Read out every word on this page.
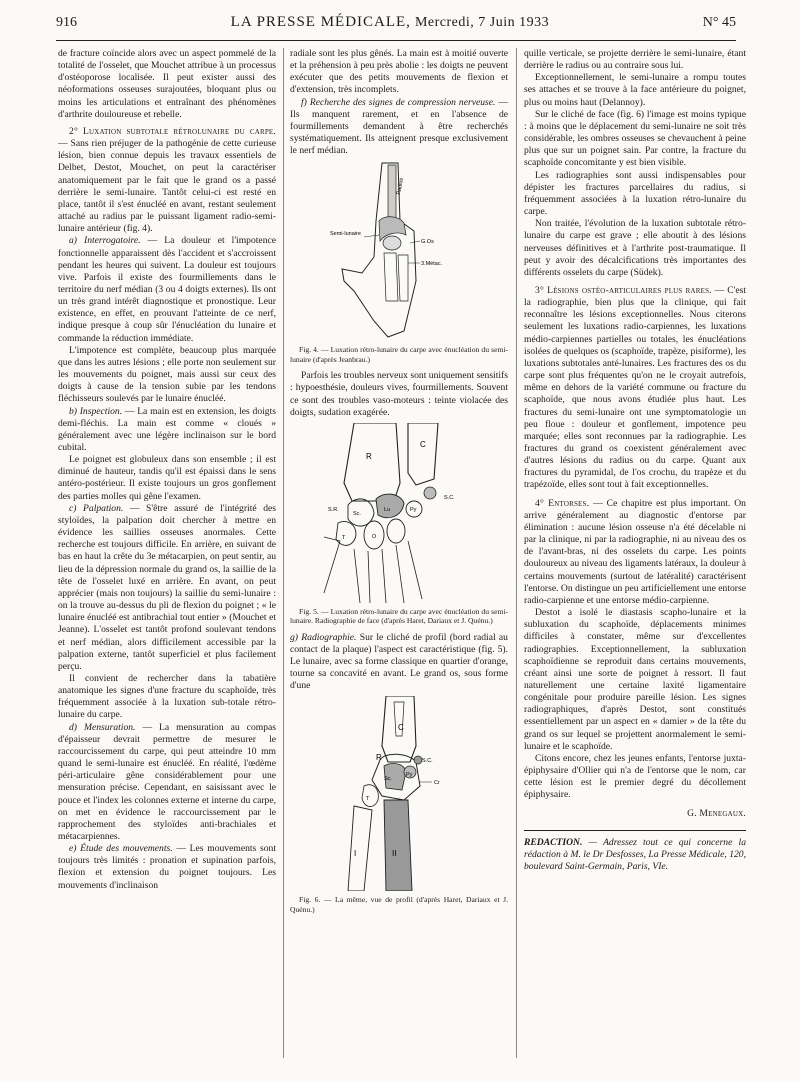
916	LA PRESSE MÉDICALE, Mercredi, 7 Juin 1933	N° 45

de fracture coïncide alors avec un aspect pommelé de la totalité de l'osselet, que Mouchet attribue à un processus d'ostéoporose localisée. Il peut exister aussi des néoformations osseuses surajoutées, bloquant plus ou moins les articulations et entraînant des phénomènes d'arthrite douloureuse et rebelle.

2° Luxation subtotale rétrolunaire du carpe. — Sans rien préjuger de la pathogénie de cette curieuse lésion, bien connue depuis les travaux essentiels de Delbet, Destot, Mouchet, on peut la caractériser anatomiquement par le fait que le grand os a passé derrière le semi-lunaire. Tantôt celui-ci est resté en place, tantôt il s'est énucléé en avant, restant seulement attaché au radius par le puissant ligament radio-semi-lunaire antérieur (fig. 4).

a) Interrogatoire. — La douleur et l'impotence fonctionnelle apparaissent dès l'accident et s'accroissent pendant les heures qui suivent. La douleur est toujours vive. Parfois il existe des fourmillements dans le territoire du nerf médian (3 ou 4 doigts externes). Ils ont un très grand intérêt diagnostique et pronostique. Leur existence, en effet, en prouvant l'atteinte de ce nerf, indique presque à coup sûr l'énucléation du lunaire et commande la réduction immédiate.

L'impotence est complète, beaucoup plus marquée que dans les autres lésions ; elle porte non seulement sur les mouvements du poignet, mais aussi sur ceux des doigts à cause de la tension subie par les tendons fléchisseurs soulevés par le lunaire énucléé.

b) Inspection. — La main est en extension, les doigts demi-fléchis. La main est comme « cloués » généralement avec une légère inclinaison sur le bord cubital.

Le poignet est globuleux dans son ensemble ; il est diminué de hauteur, tandis qu'il est épaissi dans le sens antéro-postérieur. Il existe toujours un gros gonflement des parties molles qui gêne l'examen.

c) Palpation. — S'être assuré de l'intégrité des styloïdes, la palpation doit chercher à mettre en évidence les saillies osseuses anormales. Cette recherche est toujours difficile. En arrière, en suivant de bas en haut la crête du 3e métacarpien, on peut sentir, au lieu de la dépression normale du grand os, la saillie de la tête de l'osselet luxé en arrière. En avant, on peut apprécier (mais non toujours) la saillie du semi-lunaire : on la trouve au-dessus du pli de flexion du poignet ; « le lunaire énucléé est antibrachial tout entier » (Mouchet et Jeanne). L'osselet est tantôt profond soulevant tendons et nerf médian, alors difficilement accessible par la palpation externe, tantôt superficiel et plus facilement perçu.

Il convient de rechercher dans la tabatière anatomique les signes d'une fracture du scaphoïde, très fréquemment associée à la luxation sub-totale rétro-lunaire du carpe.

d) Mensuration. — La mensuration au compas d'épaisseur devrait permettre de mesurer le raccourcissement du carpe, qui peut atteindre 10 mm quand le semi-lunaire est énucléé. En réalité, l'œdème péri-articulaire gêne considérablement pour une mensuration précise. Cependant, en saisissant avec le pouce et l'index les colonnes externe et interne du carpe, on met en évidence le raccourcissement par le rapprochement des styloïdes anti-brachiales et métacarpiennes.

e) Étude des mouvements. — Les mouvements sont toujours très limités : pronation et supination parfois, flexion et extension du poignet toujours. Les mouvements d'inclinaison

radiale sont les plus gênés. La main est à moitié ouverte et la préhension à peu près abolie : les doigts ne peuvent exécuter que des petits mouvements de flexion et d'extension, très incomplets.

f) Recherche des signes de compression nerveuse. — Ils manquent rarement, et en l'absence de fourmillements demandent à être recherchés systématiquement. Ils atteignent presque exclusivement le nerf médian.

Radius
Semi-lunaire
G.Os
3.Métac.
Fig. 4. — Luxation rétro-lunaire du carpe avec énucléation du semi-lunaire (d'après Jeanbrau.)

Parfois les troubles nerveux sont uniquement sensitifs : hypoesthésie, douleurs vives, fourmillements. Souvent ce sont des troubles vaso-moteurs : teinte violacée des doigts, sudation exagérée.

R
C
S.C.
S.R.
Sc.
Lu	Py
T	O
Fig. 5. — Luxation rétro-lunaire du carpe avec énucléation du semi-lunaire. Radiographie de face (d'après Haret, Dariaux et J. Quénu.)

g) Radiographie. Sur le cliché de profil (bord radial au contact de la plaque) l'aspect est caractéristique (fig. 5). Le lunaire, avec sa forme classique en quartier d'orange, tourne sa concavité en avant. Le grand os, sous forme d'une

C
R	S.C.
Sc.
Py
Cr
T
I	II
Fig. 6. — La même, vue de profil (d'après Haret, Dariaux et J. Quénu.)

quille verticale, se projette derrière le semi-lunaire, étant derrière le radius ou au contraire sous lui.

Exceptionnellement, le semi-lunaire a rompu toutes ses attaches et se trouve à la face antérieure du poignet, plus ou moins haut (Delannoy).

Sur le cliché de face (fig. 6) l'image est moins typique : à moins que le déplacement du semi-lunaire ne soit très considérable, les ombres osseuses se chevauchent à peine plus que sur un poignet sain. Par contre, la fracture du scaphoïde concomitante y est bien visible.

Les radiographies sont aussi indispensables pour dépister les fractures parcellaires du radius, si fréquemment associées à la luxation rétro-lunaire du carpe.

Non traitée, l'évolution de la luxation subtotale rétro-lunaire du carpe est grave ; elle aboutit à des lésions nerveuses définitives et à l'arthrite post-traumatique. Il peut y avoir des décalcifications très importantes des différents osselets du carpe (Südek).

3° Lésions ostéo-articulaires plus rares. — C'est la radiographie, bien plus que la clinique, qui fait reconnaître les lésions exceptionnelles. Nous citerons seulement les luxations radio-carpiennes, les luxations médio-carpiennes partielles ou totales, les énucléations isolées de quelques os (scaphoïde, trapèze, pisiforme), les luxations subtotales anté-lunaires. Les fractures des os du carpe sont plus fréquentes qu'on ne le croyait autrefois, même en dehors de la variété commune ou fracture du scaphoïde, que nous avons étudiée plus haut. Les fractures du semi-lunaire ont une symptomatologie un peu floue : douleur et gonflement, impotence peu marquée; elles sont reconnues par la radiographie. Les fractures du grand os coexistent généralement avec d'autres lésions du radius ou du carpe. Quant aux fractures du pyramidal, de l'os crochu, du trapèze et du trapézoïde, elles sont tout à fait exceptionnelles.

4° Entorses. — Ce chapitre est plus important. On arrive généralement au diagnostic d'entorse par élimination : aucune lésion osseuse n'a été décelable ni par la clinique, ni par la radiographie, ni au niveau des os de l'avant-bras, ni des osselets du carpe. Les points douloureux au niveau des ligaments latéraux, la douleur à certains mouvements (surtout de latéralité) caractérisent l'entorse. On distingue un peu artificiellement une entorse radio-carpienne et une entorse médio-carpienne.

Destot a isolé le diastasis scapho-lunaire et la subluxation du scaphoïde, déplacements minimes difficiles à constater, même sur d'excellentes radiographies. Exceptionnellement, la subluxation scaphoïdienne se reproduit dans certains mouvements, créant ainsi une sorte de poignet à ressort. Il faut naturellement une certaine laxité ligamentaire congénitale pour produire pareille lésion. Les signes radiographiques, d'après Destot, sont constitués essentiellement par un aspect en « damier » de la tête du grand os sur lequel se projettent anormalement le semi-lunaire et le scaphoïde.

Citons encore, chez les jeunes enfants, l'entorse juxta-épiphysaire d'Ollier qui n'a de l'entorse que le nom, car cette lésion est le premier degré du décollement épiphysaire.

G. Menegaux.

REDACTION. — Adressez tout ce qui concerne la rédaction à M. le Dr Desfosses, La Presse Médicale, 120, boulevard Saint-Germain, Paris, VIe.
